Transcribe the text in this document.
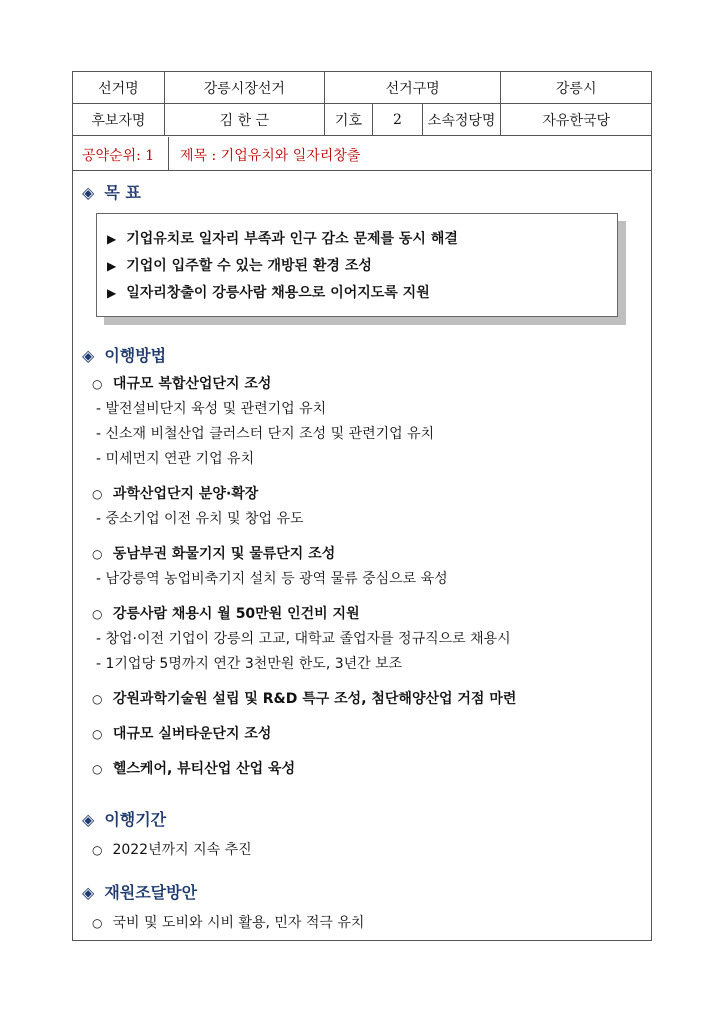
선거명	강릉시장선거	선거구명			강릉시
후보자명	김 한 근	기호	2	소속정당명	자유한국당
공약순위: 1 제목 : 기업유치와 일자리창출
◈ 목 표
▶ 기업유치로 일자리 부족과 인구 감소 문제를 동시 해결
▶ 기업이 입주할 수 있는 개방된 환경 조성
▶ 일자리창출이 강릉사람 채용으로 이어지도록 지원
◈ 이행방법
○ 대규모 복합산업단지 조성
- 발전설비단지 육성 및 관련기업 유치
- 신소재 비철산업 클러스터 단지 조성 및 관련기업 유치
- 미세먼지 연관 기업 유치
○ 과학산업단지 분양·확장
- 중소기업 이전 유치 및 창업 유도
○ 동남부권 화물기지 및 물류단지 조성
- 남강릉역 농업비축기지 설치 등 광역 물류 중심으로 육성
○ 강릉사람 채용시 월 50만원 인건비 지원
- 창업·이전 기업이 강릉의 고교, 대학교 졸업자를 정규직으로 채용시
- 1기업당 5명까지 연간 3천만원 한도, 3년간 보조
○ 강원과학기술원 설립 및 R&D 특구 조성, 첨단해양산업 거점 마련
○ 대규모 실버타운단지 조성
○ 헬스케어, 뷰티산업 산업 육성
◈ 이행기간
○ 2022년까지 지속 추진
◈ 재원조달방안
○ 국비 및 도비와 시비 활용, 민자 적극 유치
